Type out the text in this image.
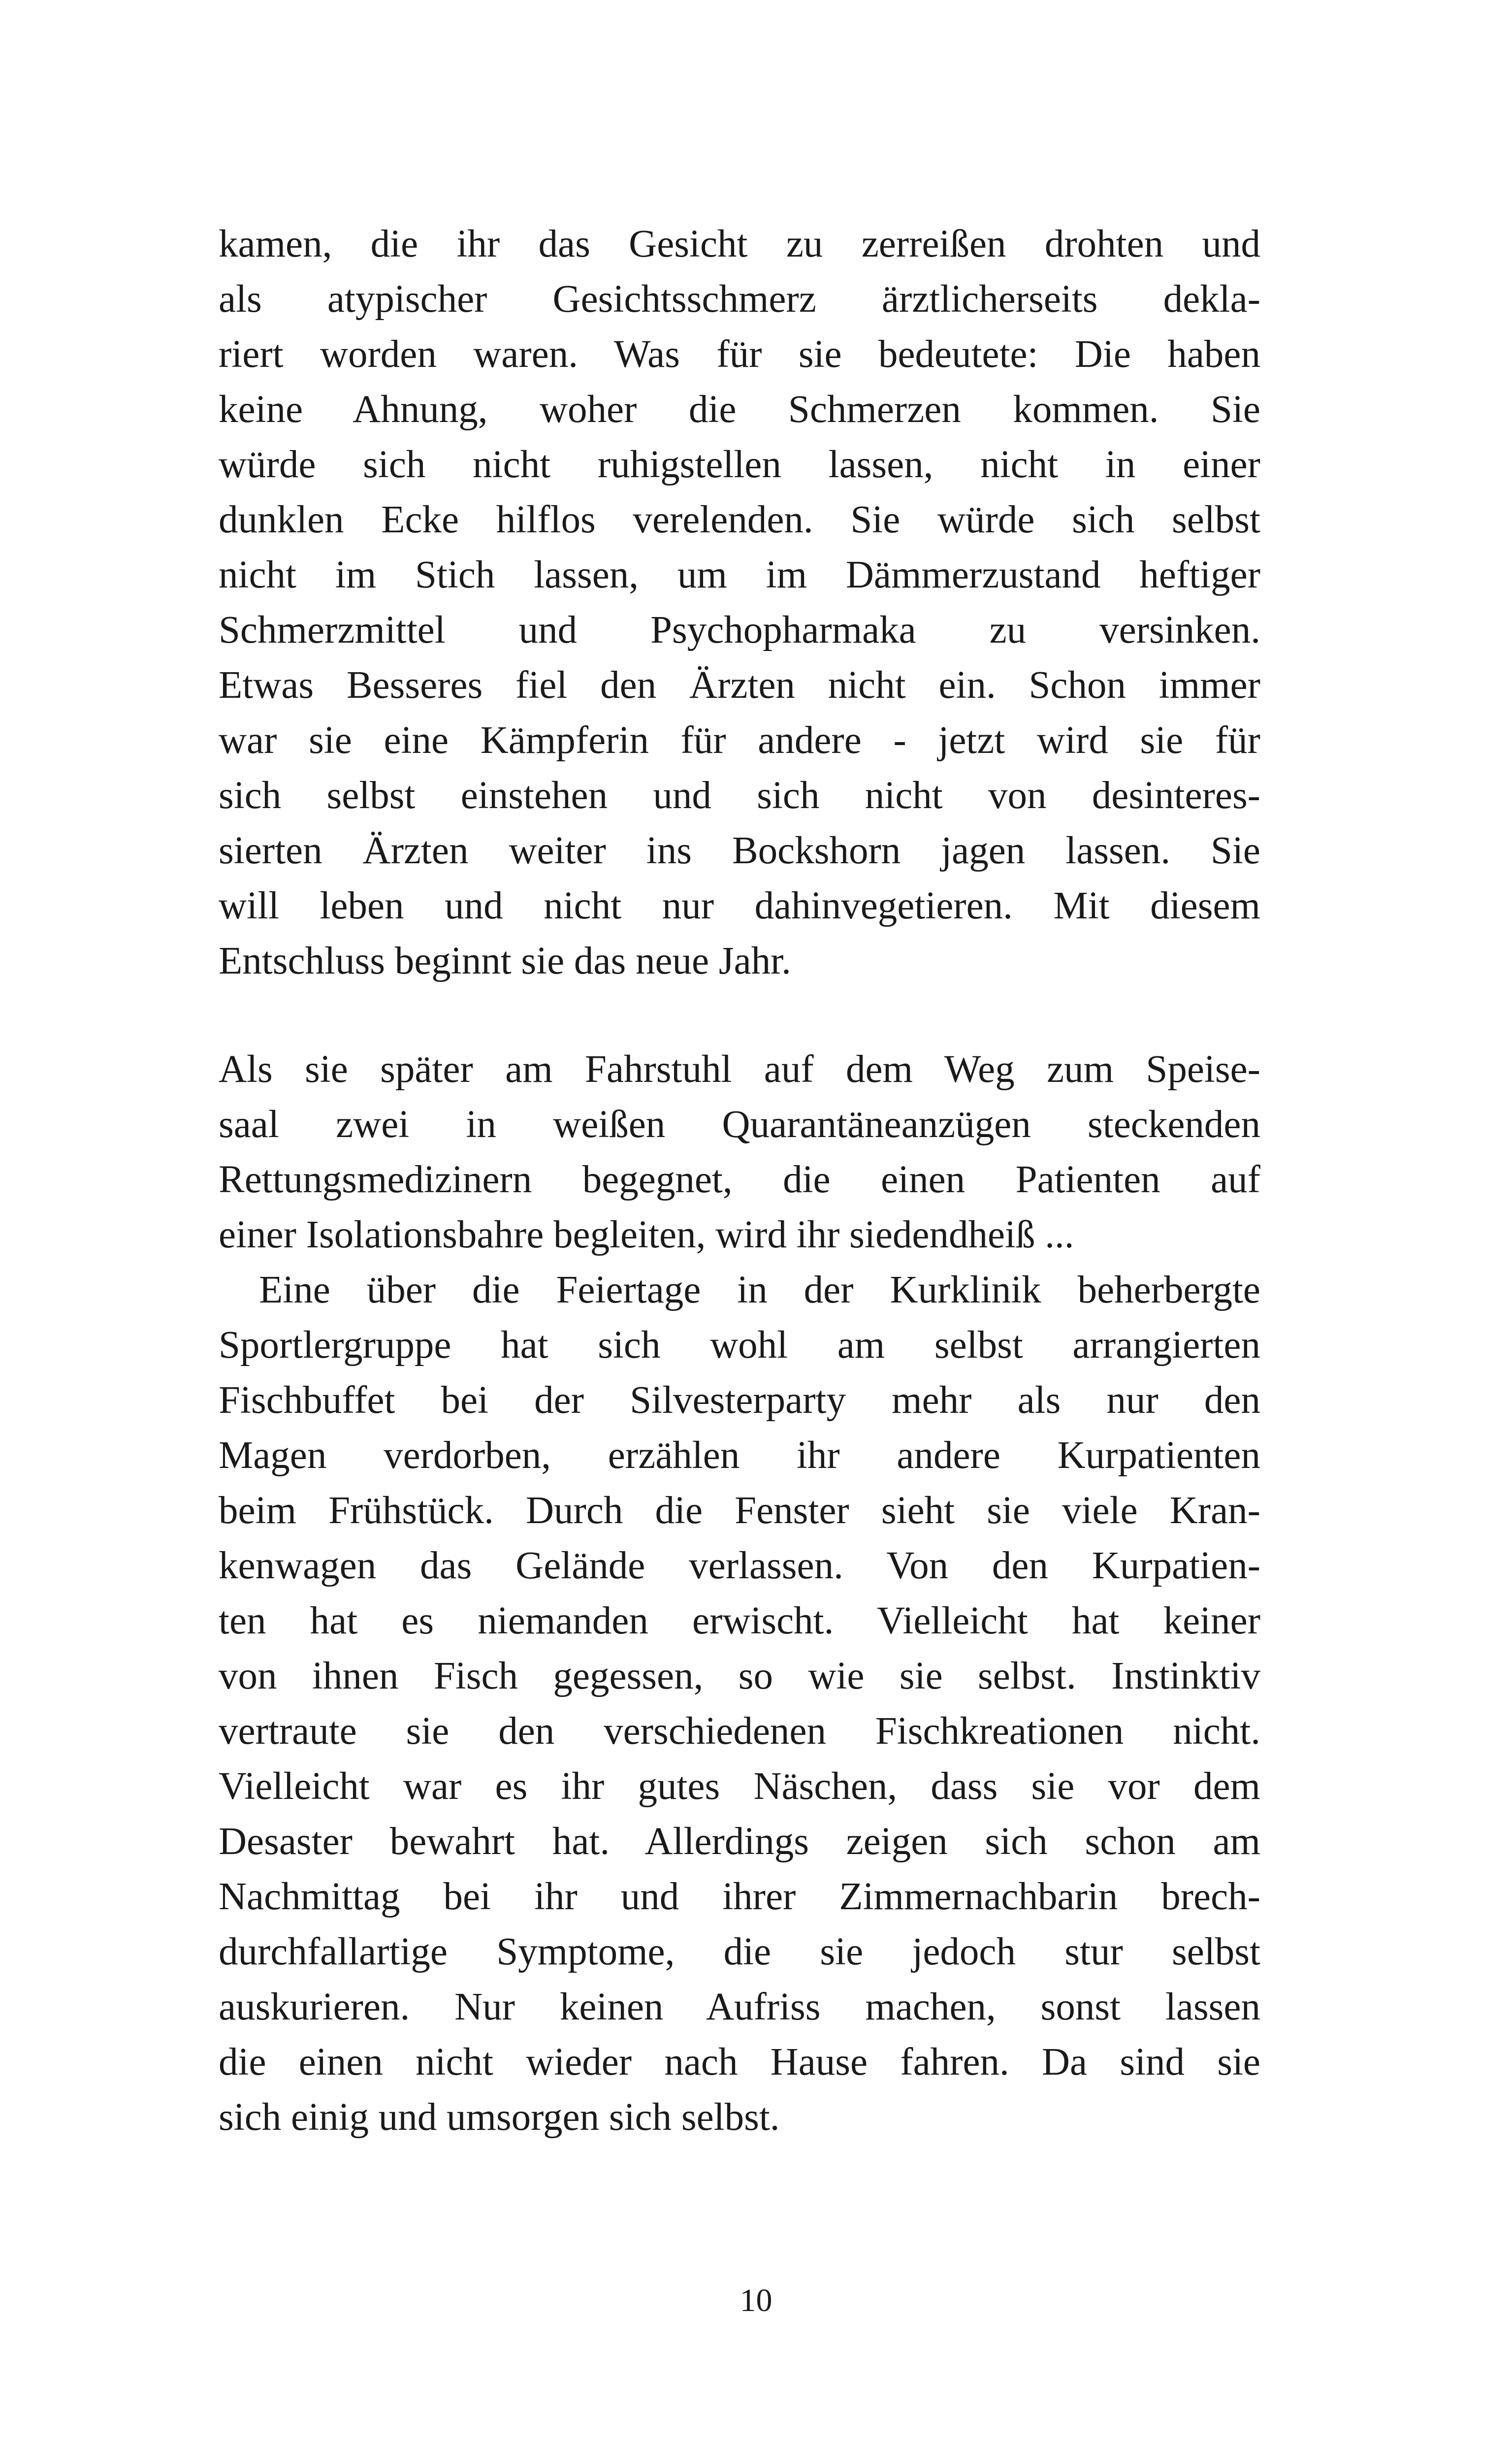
kamen, die ihr das Gesicht zu zerreißen drohten und
als atypischer Gesichtsschmerz ärztlicherseits dekla-
riert worden waren. Was für sie bedeutete: Die haben
keine Ahnung, woher die Schmerzen kommen. Sie
würde sich nicht ruhigstellen lassen, nicht in einer
dunklen Ecke hilflos verelenden. Sie würde sich selbst
nicht im Stich lassen, um im Dämmerzustand heftiger
Schmerzmittel und Psychopharmaka zu versinken.
Etwas Besseres fiel den Ärzten nicht ein. Schon immer
war sie eine Kämpferin für andere - jetzt wird sie für
sich selbst einstehen und sich nicht von desinteres-
sierten Ärzten weiter ins Bockshorn jagen lassen. Sie
will leben und nicht nur dahinvegetieren. Mit diesem
Entschluss beginnt sie das neue Jahr.
Als sie später am Fahrstuhl auf dem Weg zum Speise-
saal zwei in weißen Quarantäneanzügen steckenden
Rettungsmedizinern begegnet, die einen Patienten auf
einer Isolationsbahre begleiten, wird ihr siedendheiß ...
Eine über die Feiertage in der Kurklinik beherbergte
Sportlergruppe hat sich wohl am selbst arrangierten
Fischbuffet bei der Silvesterparty mehr als nur den
Magen verdorben, erzählen ihr andere Kurpatienten
beim Frühstück. Durch die Fenster sieht sie viele Kran-
kenwagen das Gelände verlassen. Von den Kurpatien-
ten hat es niemanden erwischt. Vielleicht hat keiner
von ihnen Fisch gegessen, so wie sie selbst. Instinktiv
vertraute sie den verschiedenen Fischkreationen nicht.
Vielleicht war es ihr gutes Näschen, dass sie vor dem
Desaster bewahrt hat. Allerdings zeigen sich schon am
Nachmittag bei ihr und ihrer Zimmernachbarin brech-
durchfallartige Symptome, die sie jedoch stur selbst
auskurieren. Nur keinen Aufriss machen, sonst lassen
die einen nicht wieder nach Hause fahren. Da sind sie
sich einig und umsorgen sich selbst.
10
